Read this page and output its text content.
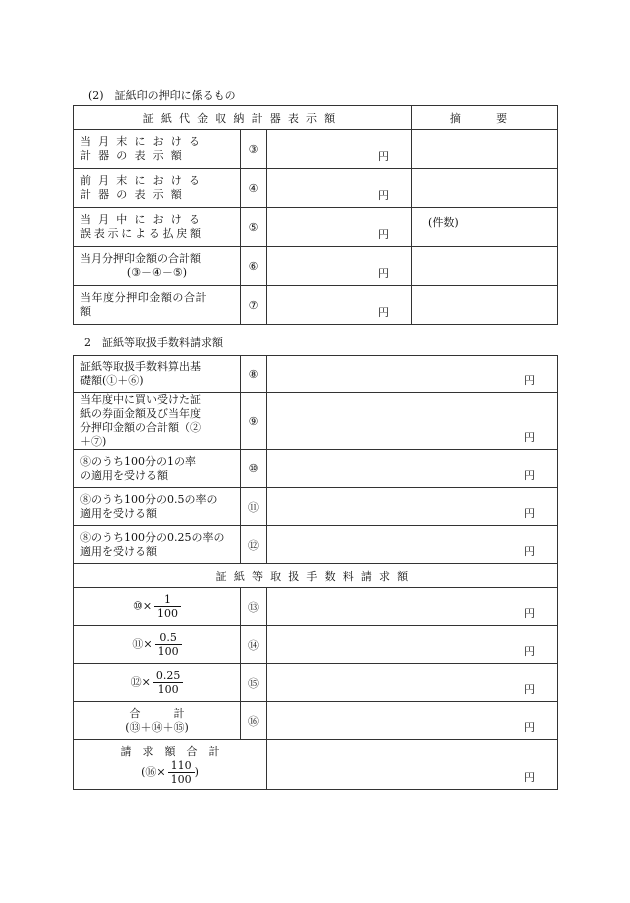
(2)　証紙印の押印に係るもの
証紙代金収納計器表示額			摘　要

当月末における
計器の表示額	③	円	

前月末における
計器の表示額	④	円	

当月中における
誤表示による払戻額	⑤	円	(件数)

当月分押印金額の合計額
(③－④－⑤)	⑥	円	

当年度分押印金額の合計
額	⑦	円	

2　証紙等取扱手数料請求額
証紙等取扱手数料算出基
礎額(①＋⑥)	⑧	円

当年度中に買い受けた証
紙の券面金額及び当年度
分押印金額の合計額（②
＋⑦)	⑨	円

⑧のうち100分の1の率
の適用を受ける額	⑩	円

⑧のうち100分の0.5の率の
適用を受ける額	⑪	円

⑧のうち100分の0.25の率の
適用を受ける額	⑫	円

証紙等取扱手数料請求額		
⑩× $\frac{1}{100}$	⑬	円

⑪× $\frac{0.5}{100}$	⑭	円

⑫× $\frac{0.25}{100}$	⑮	円

合　　　計
(⑬＋⑭＋⑮)	⑯	円

請　求　額　合　計
(⑯× $\frac{110}{100}$ )		円
